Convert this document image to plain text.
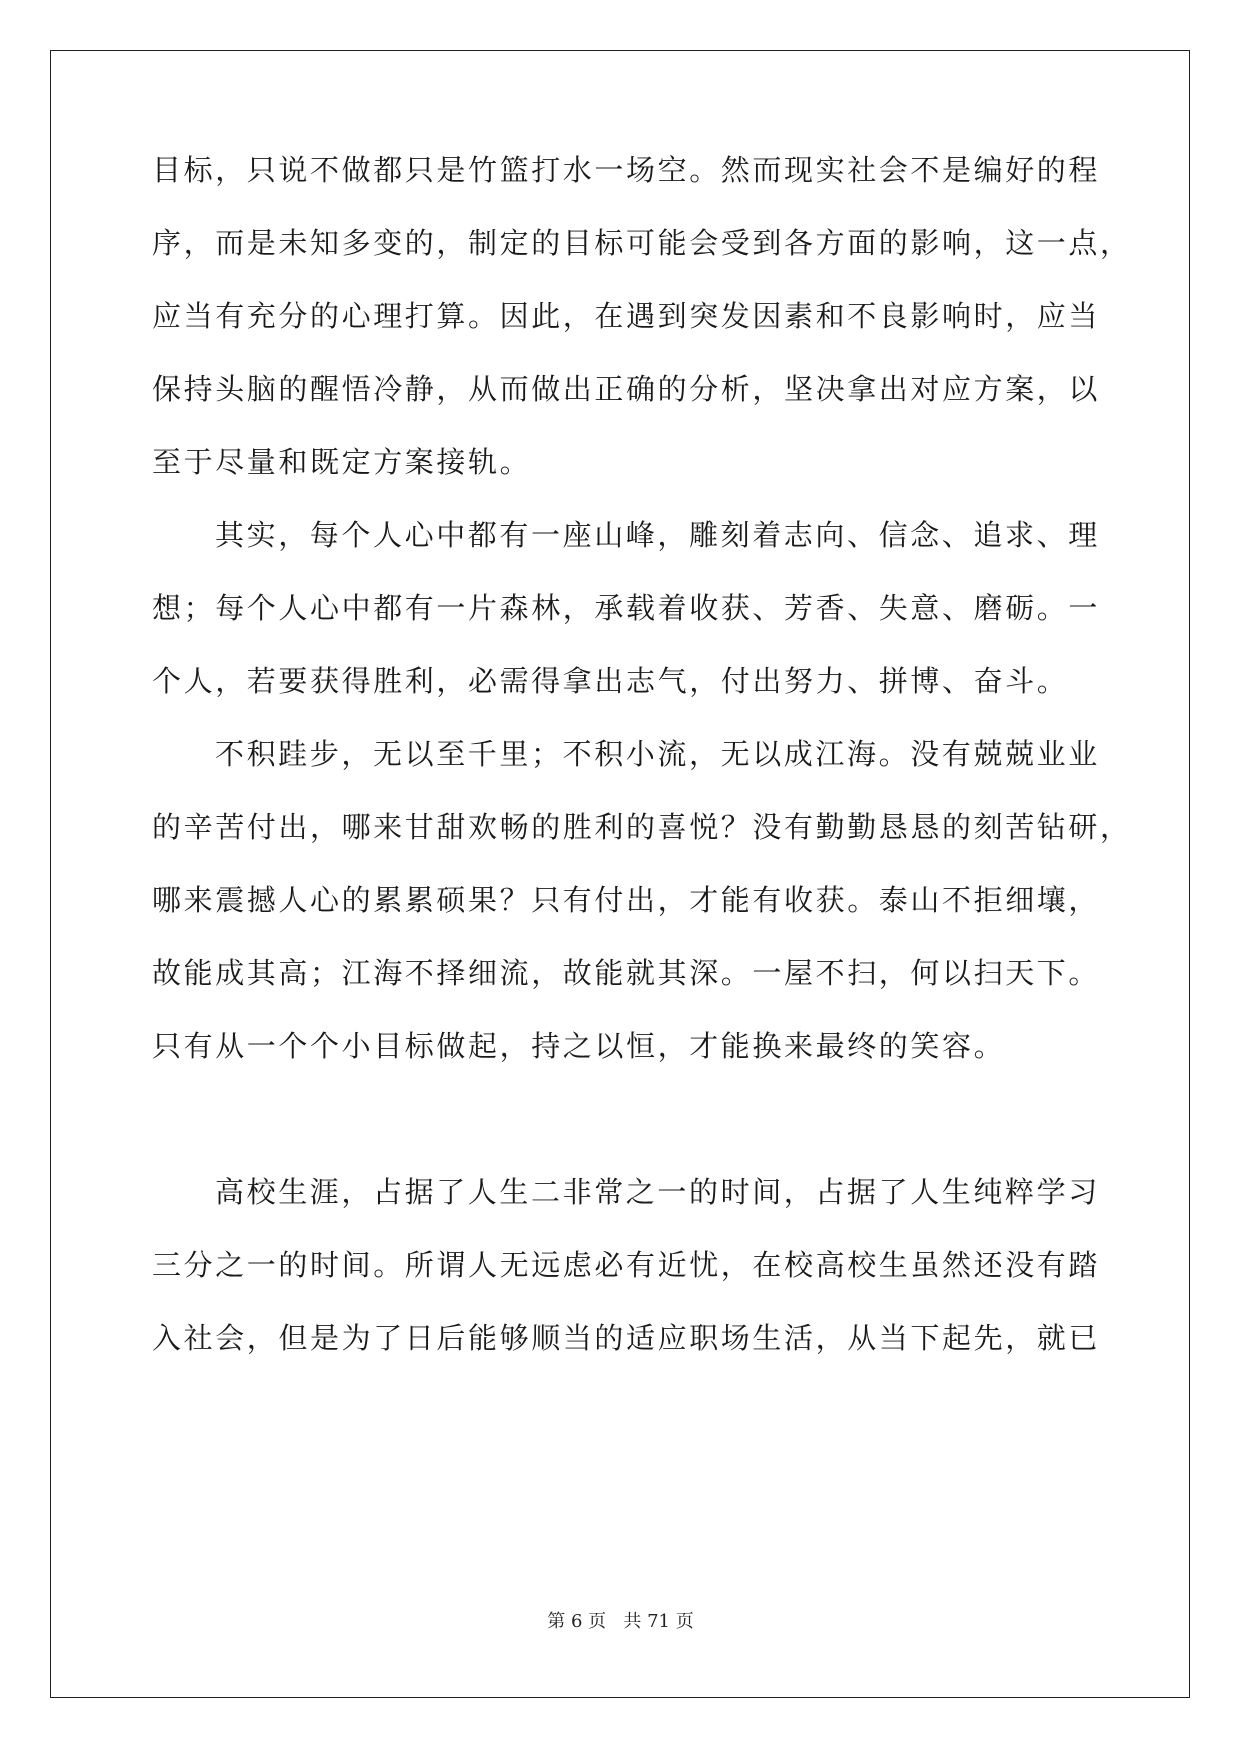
目标，只说不做都只是竹篮打水一场空。然而现实社会不是编好的程
序，而是未知多变的，制定的目标可能会受到各方面的影响，这一点，
应当有充分的心理打算。因此，在遇到突发因素和不良影响时，应当
保持头脑的醒悟冷静，从而做出正确的分析，坚决拿出对应方案，以
至于尽量和既定方案接轨。
其实，每个人心中都有一座山峰，雕刻着志向、信念、追求、理
想；每个人心中都有一片森林，承载着收获、芳香、失意、磨砺。一
个人，若要获得胜利，必需得拿出志气，付出努力、拼博、奋斗。
不积跬步，无以至千里；不积小流，无以成江海。没有兢兢业业
的辛苦付出，哪来甘甜欢畅的胜利的喜悦？没有勤勤恳恳的刻苦钻研，
哪来震撼人心的累累硕果？只有付出，才能有收获。泰山不拒细壤，
故能成其高；江海不择细流，故能就其深。一屋不扫，何以扫天下。
只有从一个个小目标做起，持之以恒，才能换来最终的笑容。
高校生涯，占据了人生二非常之一的时间，占据了人生纯粹学习
三分之一的时间。所谓人无远虑必有近忧，在校高校生虽然还没有踏
入社会，但是为了日后能够顺当的适应职场生活，从当下起先，就已
第 6 页 共 71 页
